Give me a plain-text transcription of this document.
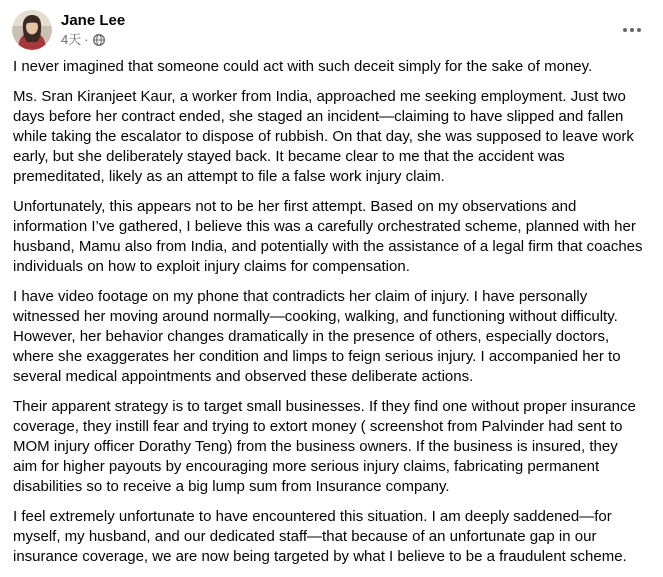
Jane Lee
4天 ·

I never imagined that someone could act with such deceit simply for the sake of money.

Ms. Sran Kiranjeet Kaur, a worker from India, approached me seeking employment. Just two days before her contract ended, she staged an incident—claiming to have slipped and fallen while taking the escalator to dispose of rubbish. On that day, she was supposed to leave work early, but she deliberately stayed back. It became clear to me that the accident was premeditated, likely as an attempt to file a false work injury claim.

Unfortunately, this appears not to be her first attempt. Based on my observations and information I’ve gathered, I believe this was a carefully orchestrated scheme, planned with her husband, Mamu also from India, and potentially with the assistance of a legal firm that coaches individuals on how to exploit injury claims for compensation.

I have video footage on my phone that contradicts her claim of injury. I have personally witnessed her moving around normally—cooking, walking, and functioning without difficulty. However, her behavior changes dramatically in the presence of others, especially doctors, where she exaggerates her condition and limps to feign serious injury. I accompanied her to several medical appointments and observed these deliberate actions.

Their apparent strategy is to target small businesses. If they find one without proper insurance coverage, they instill fear and trying to extort money ( screenshot from Palvinder had sent to MOM injury officer Dorathy Teng) from the business owners. If the business is insured, they aim for higher payouts by encouraging more serious injury claims, fabricating permanent disabilities so to receive a big lump sum from Insurance company.

I feel extremely unfortunate to have encountered this situation. I am deeply saddened—for myself, my husband, and our dedicated staff—that because of an unfortunate gap in our insurance coverage, we are now being targeted by what I believe to be a fraudulent scheme.
